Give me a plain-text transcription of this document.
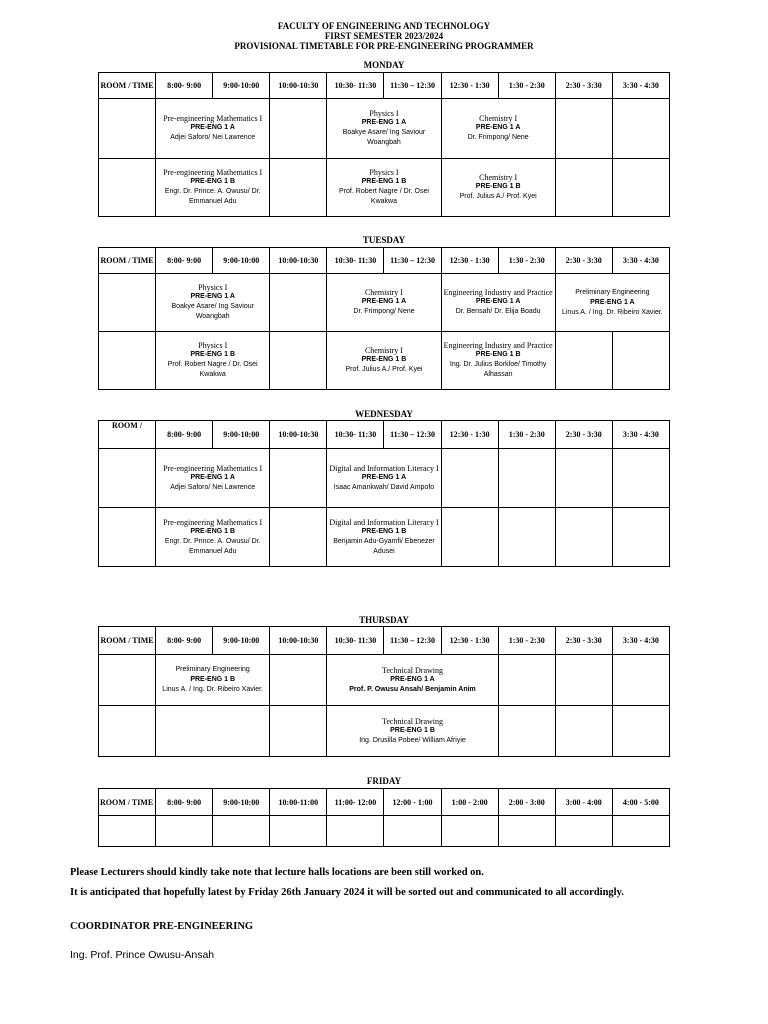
FACULTY OF ENGINEERING AND TECHNOLOGY
FIRST SEMESTER 2023/2024
PROVISIONAL TIMETABLE FOR PRE-ENGINEERING PROGRAMMER
MONDAY
ROOM / TIME	8:00- 9:00	9:00-10:00	10:00-10:30	10:30- 11:30	11:30 – 12:30	12:30 - 1:30	1:30 - 2:30	2:30 - 3:30	3:30 - 4:30

	Pre-engineering Mathematics I
PRE-ENG 1 A
Adjei Saforo/ Nei Lawrence			Physics I
PRE-ENG 1 A
Boakye Asare/ Ing Saviour Woangbah		Chemistry I
PRE-ENG 1 A
Dr. Frimpong/ Nene			

	Pre-engineering Mathematics I
PRE-ENG 1 B
Engr. Dr. Prince. A. Owusu/ Dr. Emmanuel Adu			Physics I
PRE-ENG 1 B
Prof. Robert Nagre / Dr. Osei Kwakwa		Chemistry I
PRE-ENG 1 B
Prof. Julius A./ Prof. Kyei			

TUESDAY
ROOM / TIME	8:00- 9:00	9:00-10:00	10:00-10:30	10:30- 11:30	11:30 – 12:30	12:30 - 1:30	1:30 - 2:30	2:30 - 3:30	3:30 - 4:30

	Physics I
PRE-ENG 1 A
Boakye Asare/ Ing Saviour Woangbah			Chemistry I
PRE-ENG 1 A
Dr. Frimpong/ Nene		Engineering Industry and Practice
PRE-ENG 1 A
Dr. Bensah/ Dr. Elija Boadu		Preliminary Engineering
PRE-ENG 1 A
Linus A. / Ing. Dr. Ribeiro Xavier.	

	Physics I
PRE-ENG 1 B
Prof. Robert Nagre / Dr. Osei Kwakwa			Chemistry I
PRE-ENG 1 B
Prof. Julius A./ Prof. Kyei		Engineering Industry and Practice
PRE-ENG 1 B
Ing. Dr. Julius Borkloe/ Timothy Alhassan			

WEDNESDAY
ROOM /	8:00- 9:00	9:00-10:00	10:00-10:30	10:30- 11:30	11:30 – 12:30	12:30 - 1:30	1:30 - 2:30	2:30 - 3:30	3:30 - 4:30

	Pre-engineering Mathematics I
PRE-ENG 1 A
Adjei Saforo/ Nei Lawrence			Digital and Information Literacy I
PRE-ENG 1 A
Isaac Amankwah/ David Ampofo					

	Pre-engineering Mathematics I
PRE-ENG 1 B
Engr. Dr. Prince. A. Owusu/ Dr. Emmanuel Adu			Digital and Information Literacy I
PRE-ENG 1 B
Benjamin Adu-Gyamfi/ Ebenezer Adusei					

THURSDAY
ROOM / TIME	8:00- 9:00	9:00-10:00	10:00-10:30	10:30- 11:30	11:30 – 12:30	12:30 - 1:30	1:30 - 2:30	2:30 - 3:30	3:30 - 4:30

	Preliminary Engineering
PRE-ENG 1 B
Linus A. / Ing. Dr. Ribeiro Xavier.			Technical Drawing
PRE-ENG 1 A
Prof. P. Owusu Ansah/ Benjamin Anim					

				Technical Drawing
PRE-ENG 1 B
Ing. Drusilla Pobee/ William Afriyie					

FRIDAY
ROOM / TIME	8:00- 9:00	9:00-10:00	10:00-11:00	11:00- 12:00	12:00 - 1:00	1:00 - 2:00	2:00 - 3:00	3:00 - 4:00	4:00 - 5:00

Please Lecturers should kindly take note that lecture halls locations are been still worked on.
It is anticipated that hopefully latest by Friday 26th January 2024 it will be sorted out and communicated to all accordingly.
COORDINATOR PRE-ENGINEERING
Ing. Prof. Prince Owusu-Ansah
